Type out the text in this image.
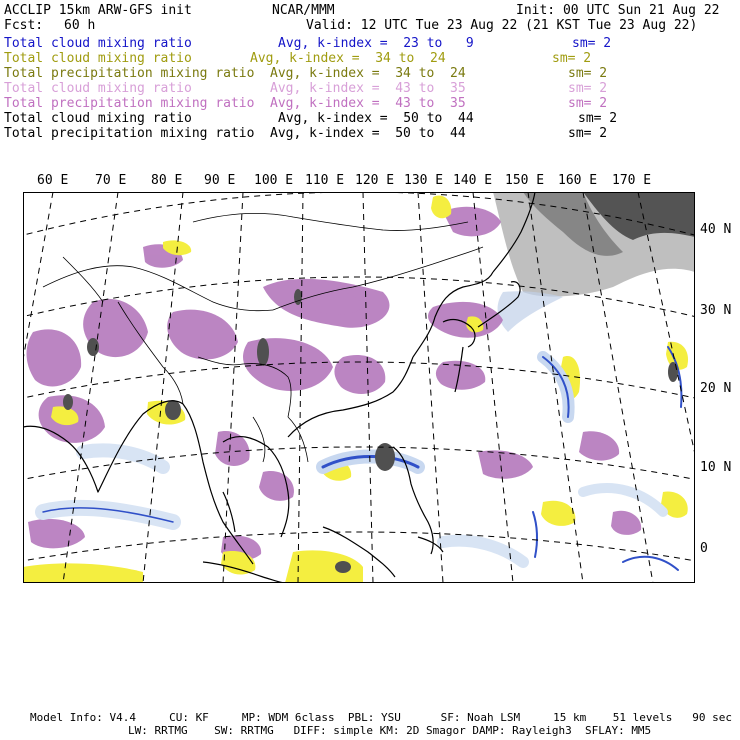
ACCLIP 15km ARW-GFS init	NCAR/MMM	Init: 00 UTC Sun 21 Aug 22
Fcst: 60 h	Valid: 12 UTC Tue 23 Aug 22 (21 KST Tue 23 Aug 22)
Total cloud mixing ratio	Avg, k-index =  23 to   9	sm= 2
Total cloud mixing ratio	Avg, k-index =  34 to  24	sm= 2
Total precipitation mixing ratio Avg, k-index =  34 to  24	sm= 2
Total cloud mixing ratio	Avg, k-index =  43 to  35	sm= 2
Total precipitation mixing ratio Avg, k-index =  43 to  35	sm= 2
Total cloud mixing ratio	Avg, k-index =  50 to  44	sm= 2
Total precipitation mixing ratio Avg, k-index =  50 to  44	sm= 2
60 E 70 E 80 E 90 E 100 E 110 E 120 E 130 E 140 E 150 E 160 E 170 E
40 N
30 N
20 N
10 N
0
Model Info: V4.4     CU: KF     MP: WDM 6class  PBL: YSU      SF: Noah LSM     15 km    51 levels   90 sec
LW: RRTMG    SW: RRTMG   DIFF: simple KM: 2D Smagor DAMP: Rayleigh3  SFLAY: MM5
